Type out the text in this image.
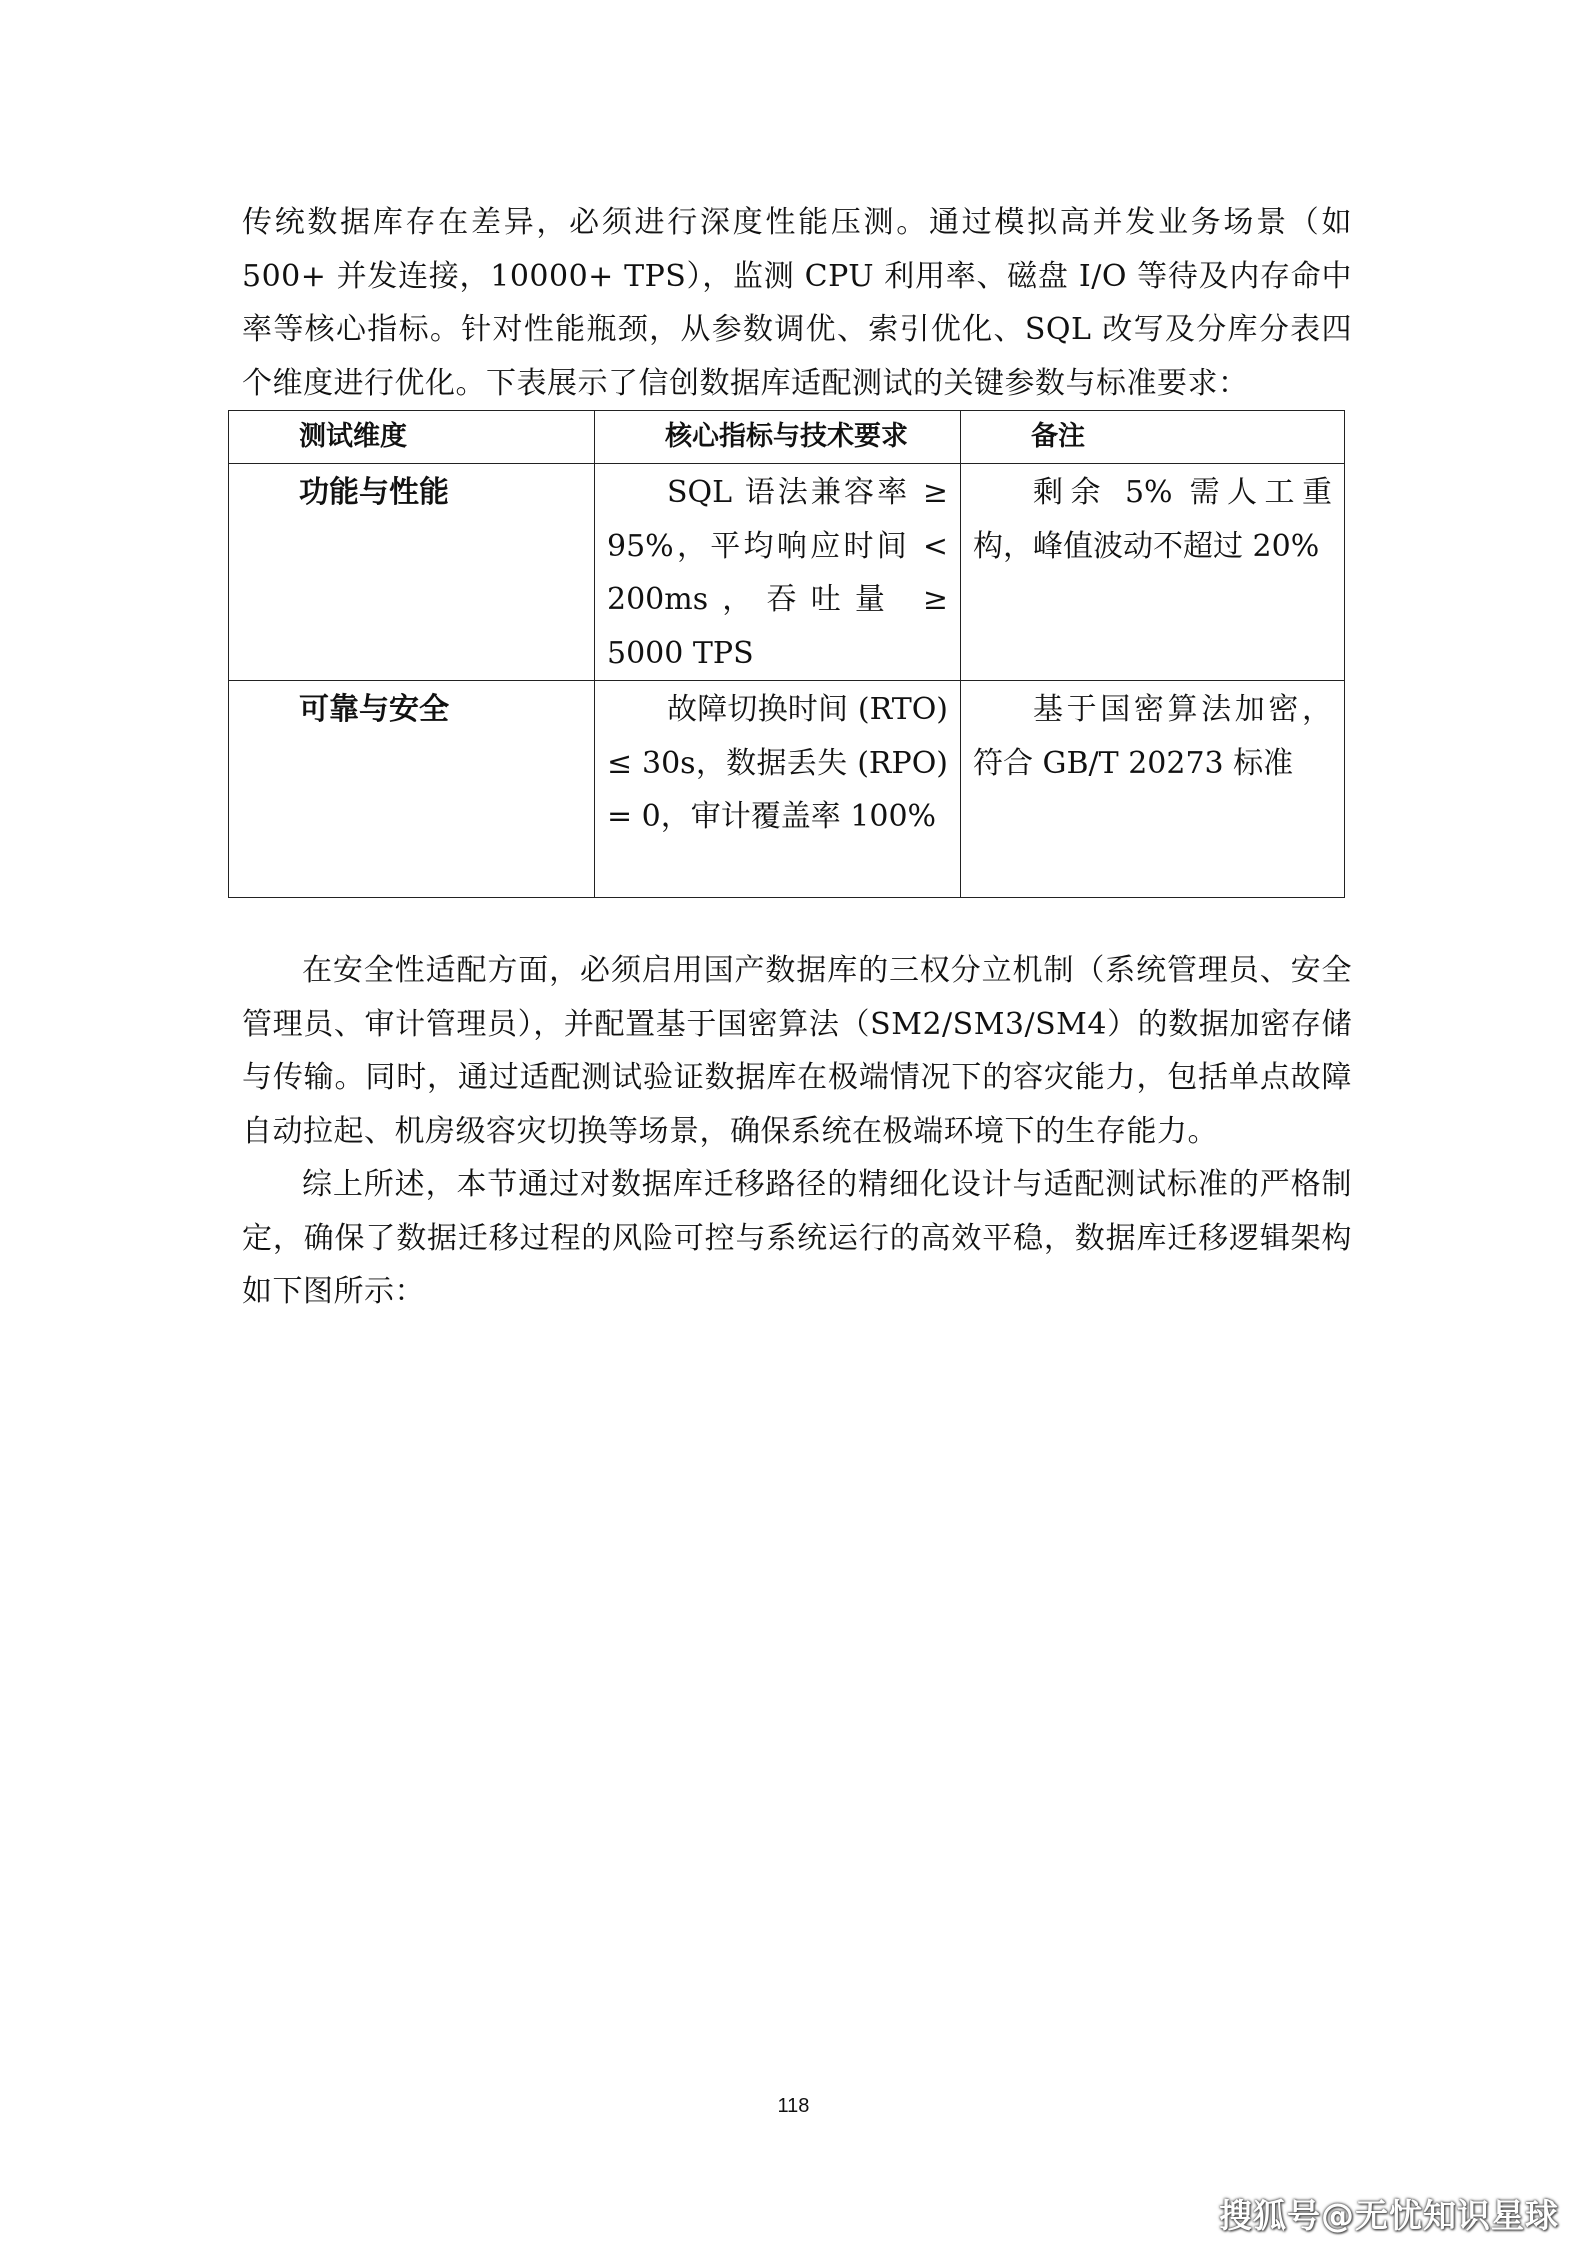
传统数据库存在差异，必须进行深度性能压测。通过模拟高并发业务场景（如 500+ 并发连接，10000+ TPS），监测 CPU 利用率、磁盘 I/O 等待及内存命中率等核心指标。针对性能瓶颈，从参数调优、索引优化、SQL 改写及分库分表四个维度进行优化。下表展示了信创数据库适配测试的关键参数与标准要求：

测试维度	核心指标与技术要求	备注
功能与性能	SQL 语法兼容率 ≥ 95%，平均响应时间 < 200ms，吞吐量 ≥ 5000 TPS	剩余 5% 需人工重构，峰值波动不超过 20%
可靠与安全	故障切换时间 (RTO) ≤ 30s，数据丢失 (RPO) = 0，审计覆盖率 100%	基于国密算法加密，符合 GB/T 20273 标准

在安全性适配方面，必须启用国产数据库的三权分立机制（系统管理员、安全管理员、审计管理员），并配置基于国密算法（SM2/SM3/SM4）的数据加密存储与传输。同时，通过适配测试验证数据库在极端情况下的容灾能力，包括单点故障自动拉起、机房级容灾切换等场景，确保系统在极端环境下的生存能力。

综上所述，本节通过对数据库迁移路径的精细化设计与适配测试标准的严格制定，确保了数据迁移过程的风险可控与系统运行的高效平稳，数据库迁移逻辑架构如下图所示：

118
搜狐号@无忧知识星球
